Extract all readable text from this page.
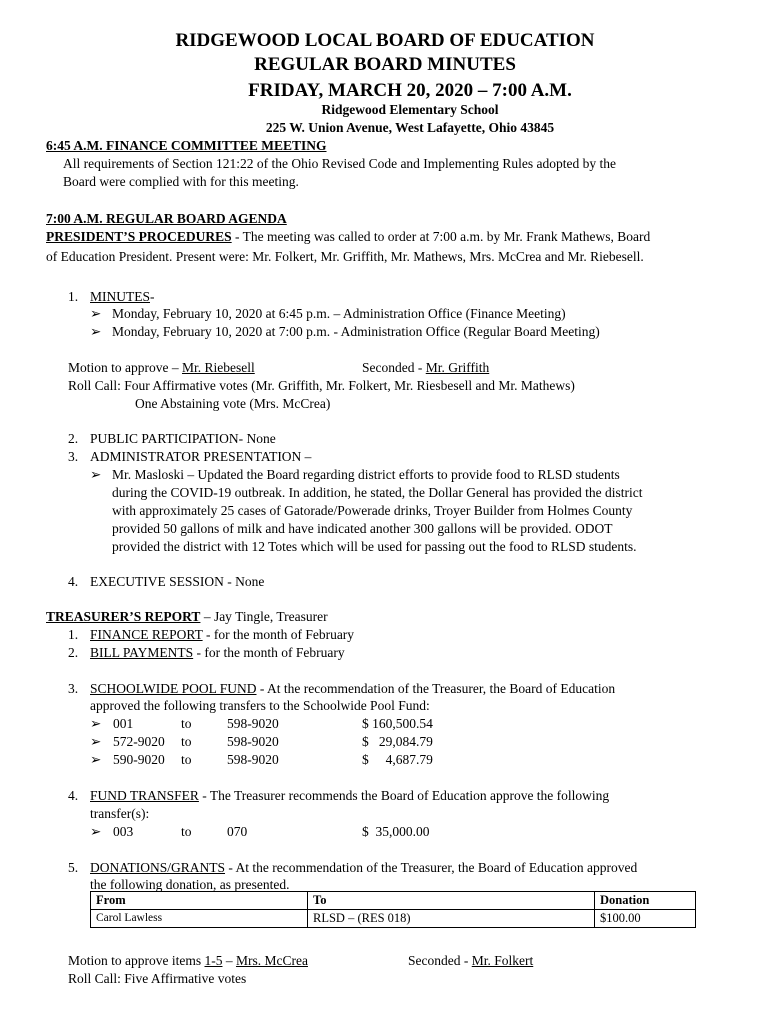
RIDGEWOOD LOCAL BOARD OF EDUCATION
REGULAR BOARD MINUTES
FRIDAY, MARCH 20, 2020 – 7:00 A.M.
Ridgewood Elementary School
225 W. Union Avenue, West Lafayette, Ohio 43845
6:45 A.M. FINANCE COMMITTEE MEETING
All requirements of Section 121:22 of the Ohio Revised Code and Implementing Rules adopted by the
Board were complied with for this meeting.
7:00 A.M. REGULAR BOARD AGENDA
PRESIDENT’S PROCEDURES - The meeting was called to order at 7:00 a.m. by Mr. Frank Mathews, Board
of Education President. Present were: Mr. Folkert, Mr. Griffith, Mr. Mathews, Mrs. McCrea and Mr. Riebesell.
1. MINUTES-
➢ Monday, February 10, 2020 at 6:45 p.m. – Administration Office (Finance Meeting)
➢ Monday, February 10, 2020 at 7:00 p.m. - Administration Office (Regular Board Meeting)
Motion to approve – Mr. Riebesell	Seconded - Mr. Griffith
Roll Call: Four Affirmative votes (Mr. Griffith, Mr. Folkert, Mr. Riesbesell and Mr. Mathews)
One Abstaining vote (Mrs. McCrea)
2. PUBLIC PARTICIPATION- None
3. ADMINISTRATOR PRESENTATION –
➢ Mr. Masloski – Updated the Board regarding district efforts to provide food to RLSD students
during the COVID-19 outbreak. In addition, he stated, the Dollar General has provided the district
with approximately 25 cases of Gatorade/Powerade drinks, Troyer Builder from Holmes County
provided 50 gallons of milk and have indicated another 300 gallons will be provided. ODOT
provided the district with 12 Totes which will be used for passing out the food to RLSD students.
4. EXECUTIVE SESSION - None
TREASURER’S REPORT – Jay Tingle, Treasurer
1. FINANCE REPORT - for the month of February
2. BILL PAYMENTS - for the month of February
3. SCHOOLWIDE POOL FUND - At the recommendation of the Treasurer, the Board of Education
approved the following transfers to the Schoolwide Pool Fund:
➢ 001	to	598-9020	$ 160,500.54
➢ 572-9020 to	598-9020	$   29,084.79
➢ 590-9020 to	598-9020	$     4,687.79
4. FUND TRANSFER - The Treasurer recommends the Board of Education approve the following
transfer(s):
➢ 003	to	070	$  35,000.00
5. DONATIONS/GRANTS - At the recommendation of the Treasurer, the Board of Education approved
the following donation, as presented.
From	To	Donation
Carol Lawless	RLSD – (RES 018)	$100.00
Motion to approve items 1-5 – Mrs. McCrea	Seconded - Mr. Folkert
Roll Call: Five Affirmative votes
